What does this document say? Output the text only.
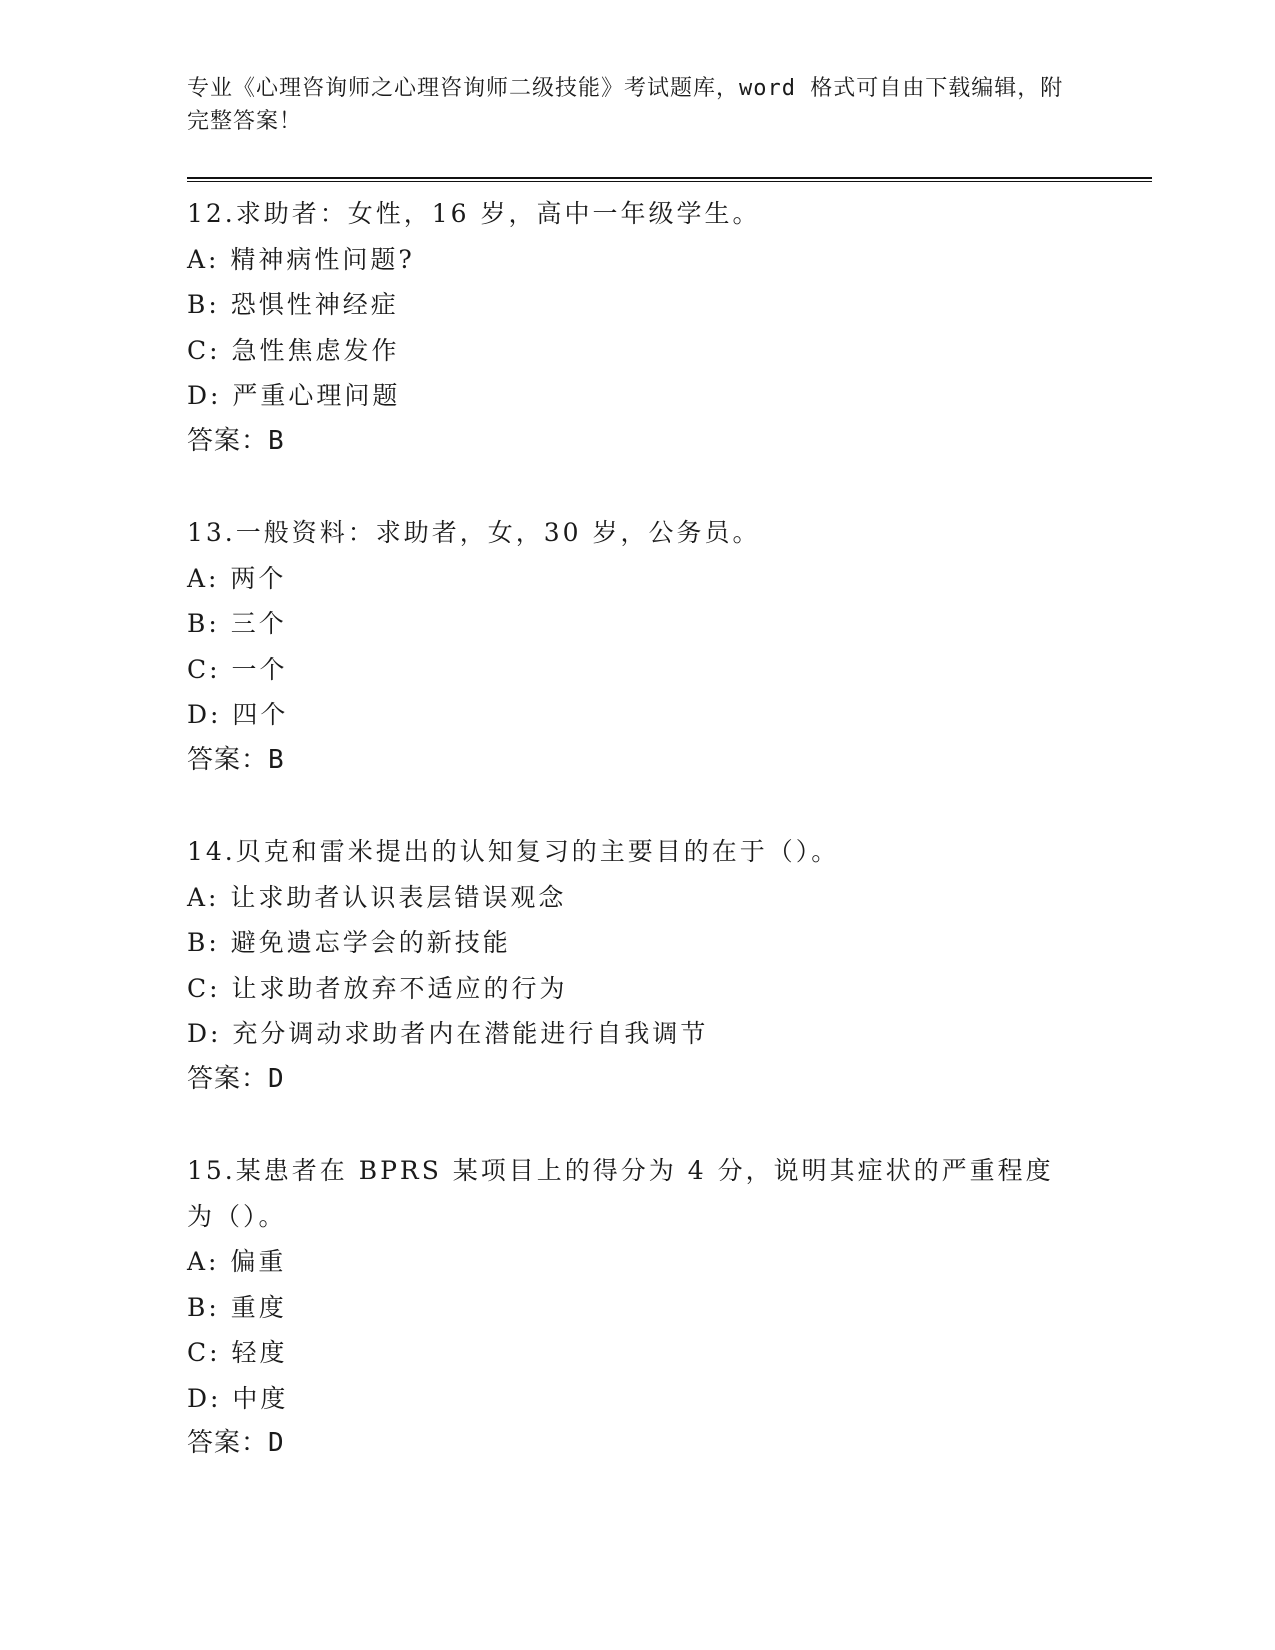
专业《心理咨询师之心理咨询师二级技能》考试题库，word 格式可自由下载编辑，附完整答案！
12.求助者：女性，16 岁，高中一年级学生。
A: 精神病性问题?
B: 恐惧性神经症
C: 急性焦虑发作
D: 严重心理问题
答案：B
13.一般资料：求助者，女，30 岁，公务员。
A: 两个
B: 三个
C: 一个
D: 四个
答案：B
14.贝克和雷米提出的认知复习的主要目的在于（）。
A: 让求助者认识表层错误观念
B: 避免遗忘学会的新技能
C: 让求助者放弃不适应的行为
D: 充分调动求助者内在潜能进行自我调节
答案：D
15.某患者在 BPRS 某项目上的得分为 4 分，说明其症状的严重程度为（）。
A: 偏重
B: 重度
C: 轻度
D: 中度
答案：D
